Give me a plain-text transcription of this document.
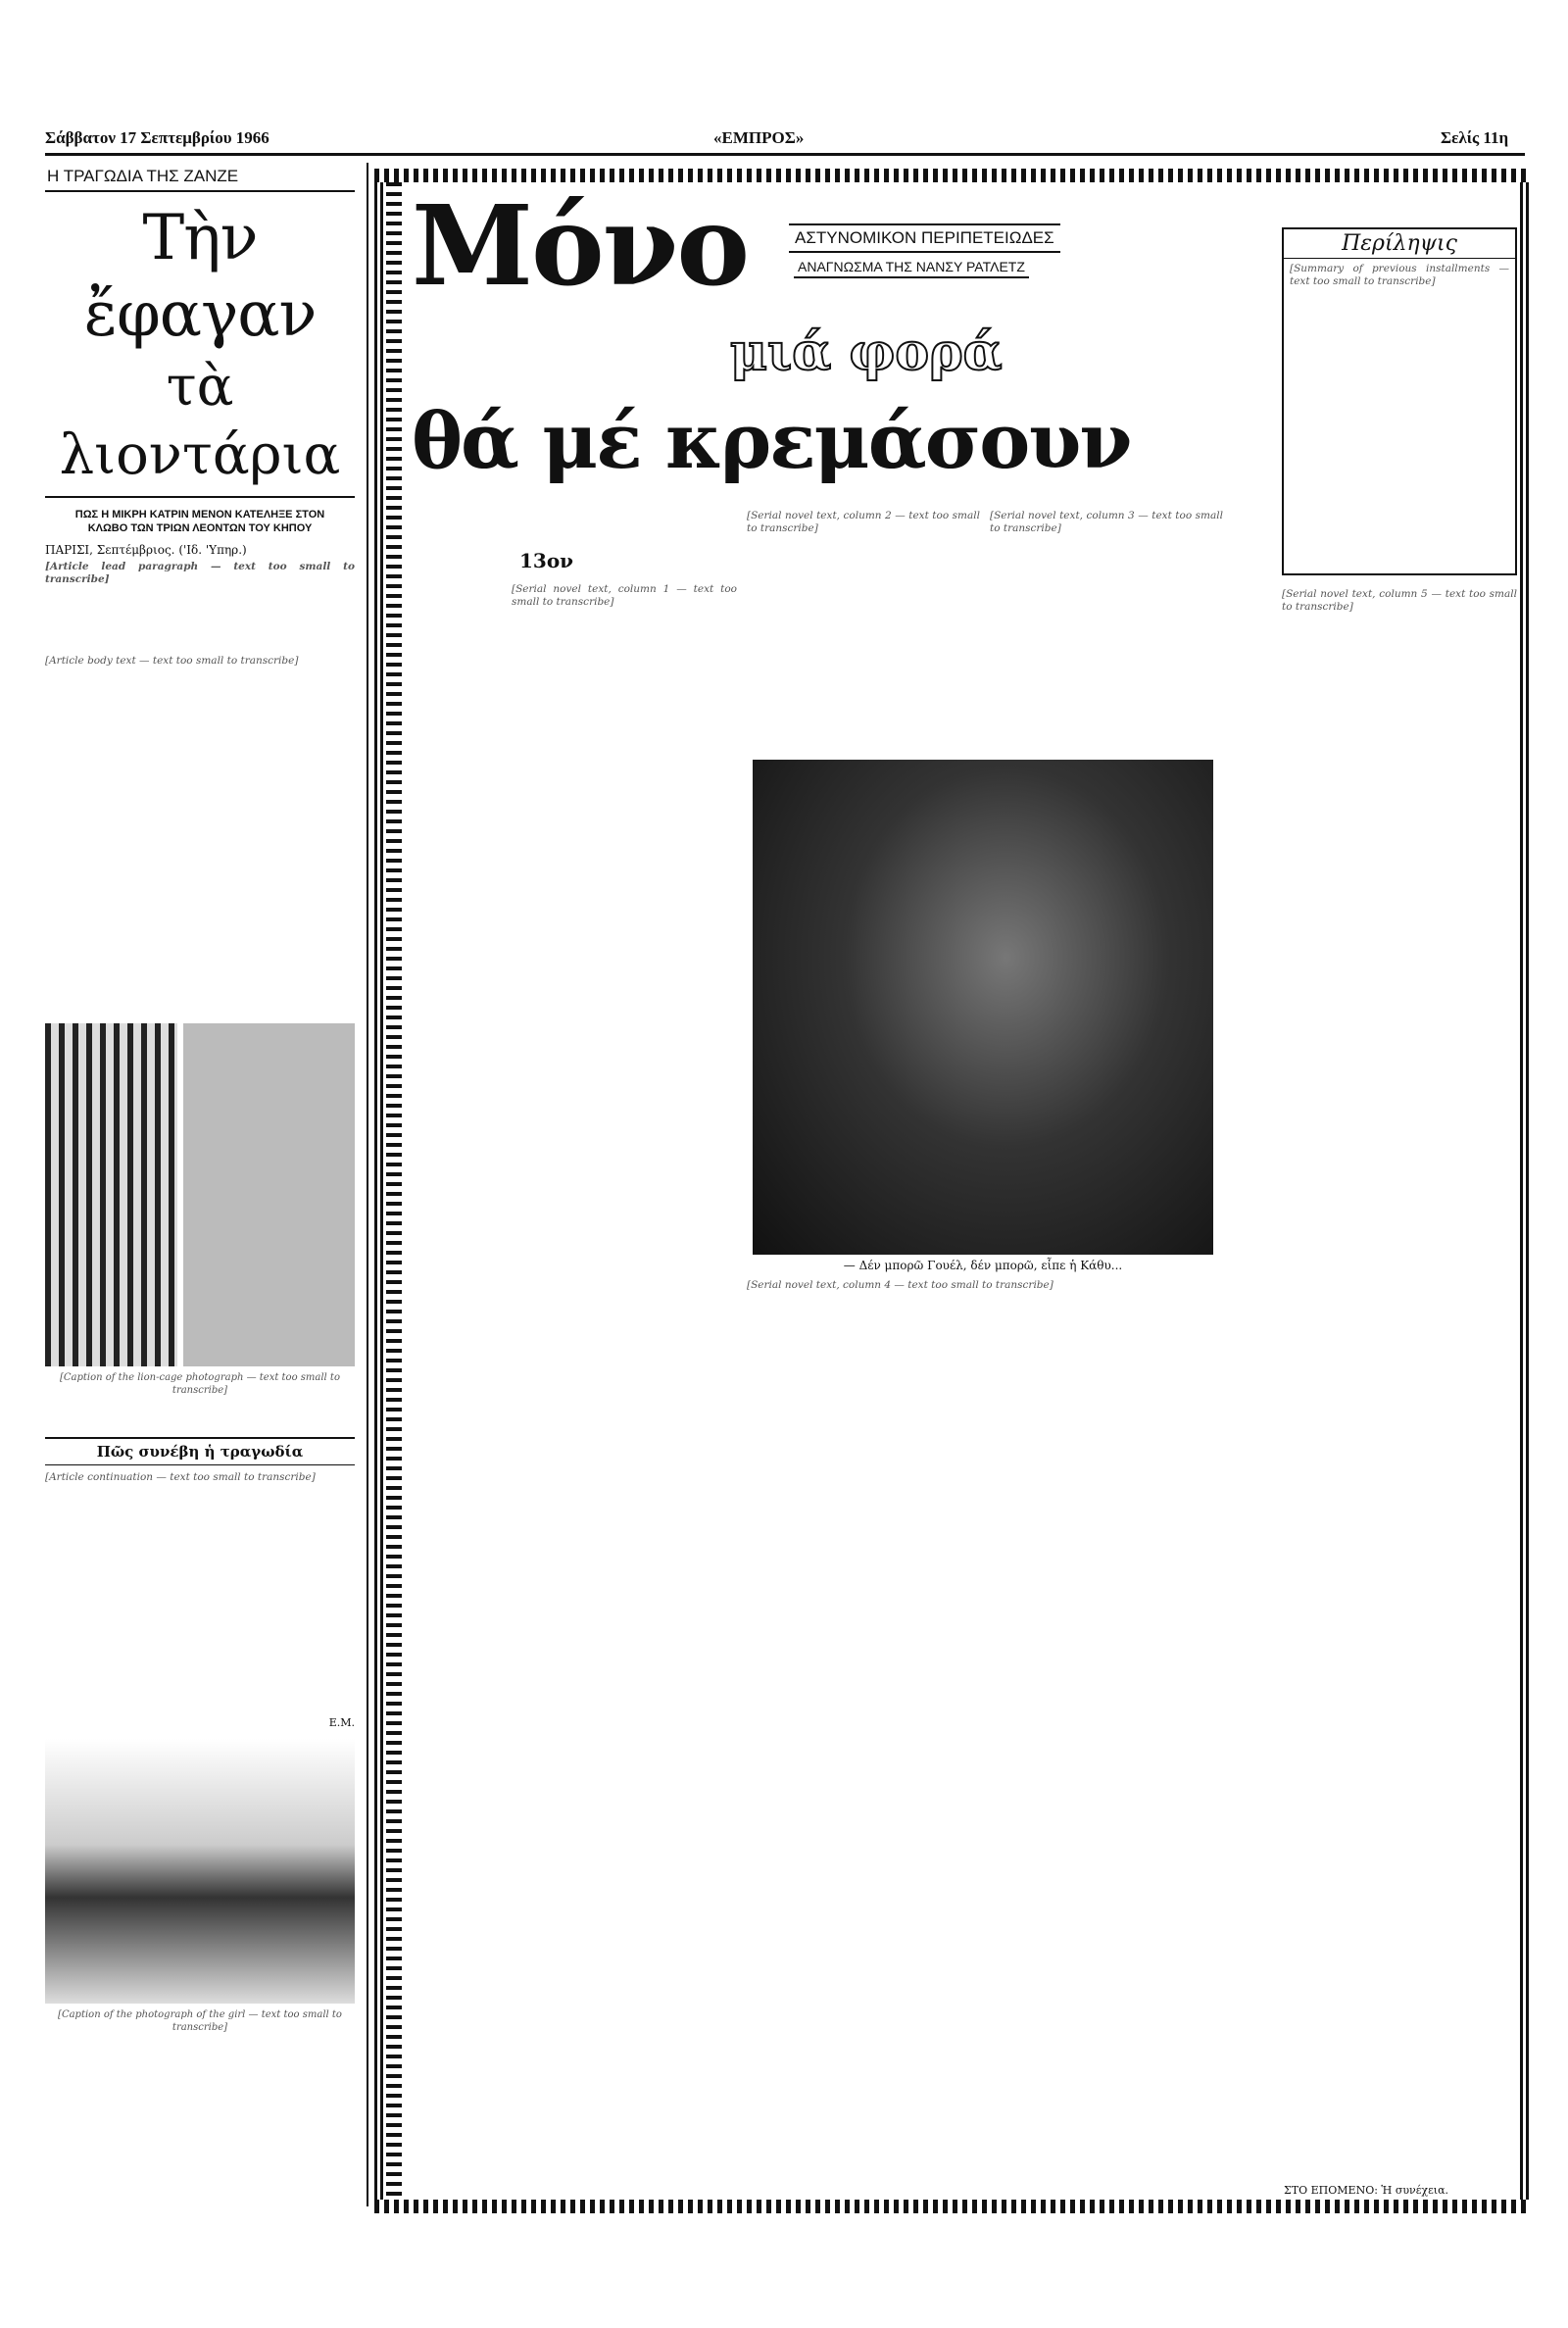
Σάββατον 17 Σεπτεμβρίου 1966	«ΕΜΠΡΟΣ»	Σελίς 11η
Η ΤΡΑΓΩΔΙΑ ΤΗΣ ΖΑΝΖΕ
Τὴν ἔφαγαν
τὰ λιοντάρια
ΠΩΣ Η ΜΙΚΡΗ ΚΑΤΡΙΝ ΜΕΝΟΝ ΚΑΤΕΛΗΞΕ ΣΤΟΝ ΚΛΩΒΟ ΤΩΝ ΤΡΙΩΝ ΛΕΟΝΤΩΝ ΤΟΥ ΚΗΠΟΥ
ΠΑΡΙΣΙ, Σεπτέμβριος. ('Ιδ. 'Υπηρ.)
[Article lead paragraph — text too small to transcribe]
[Article body text — text too small to transcribe]
[Caption of the lion-cage photograph — text too small to transcribe]
Πῶς συνέβη ἡ τραγωδία
[Article continuation — text too small to transcribe]
Ε.Μ.
[Caption of the photograph of the girl — text too small to transcribe]
Μόνο
μιά φορά
θά μέ κρεμάσουν
ΑΣΤΥΝΟΜΙΚΟΝ ΠΕΡΙΠΕΤΕΙΩΔΕΣ
ΑΝΑΓΝΩΣΜΑ ΤΗΣ ΝΑΝΣΥ ΡΑΤΛΕΤΖ
13ον
Περίληψις
[Summary of previous installments — text too small to transcribe]
[Serial novel text, column 1 — text too small to transcribe]
[Serial novel text, column 2 — text too small to transcribe]
[Serial novel text, column 3 — text too small to transcribe]
[Serial novel text, column 4 — text too small to transcribe]
[Serial novel text, column 5 — text too small to transcribe]
— Δέν μπορῶ Γουέλ, δέν μπορῶ, εἶπε ἡ Κάθυ...
ΣΤΟ ΕΠΟΜΕΝΟ: Ἡ συνέχεια.
